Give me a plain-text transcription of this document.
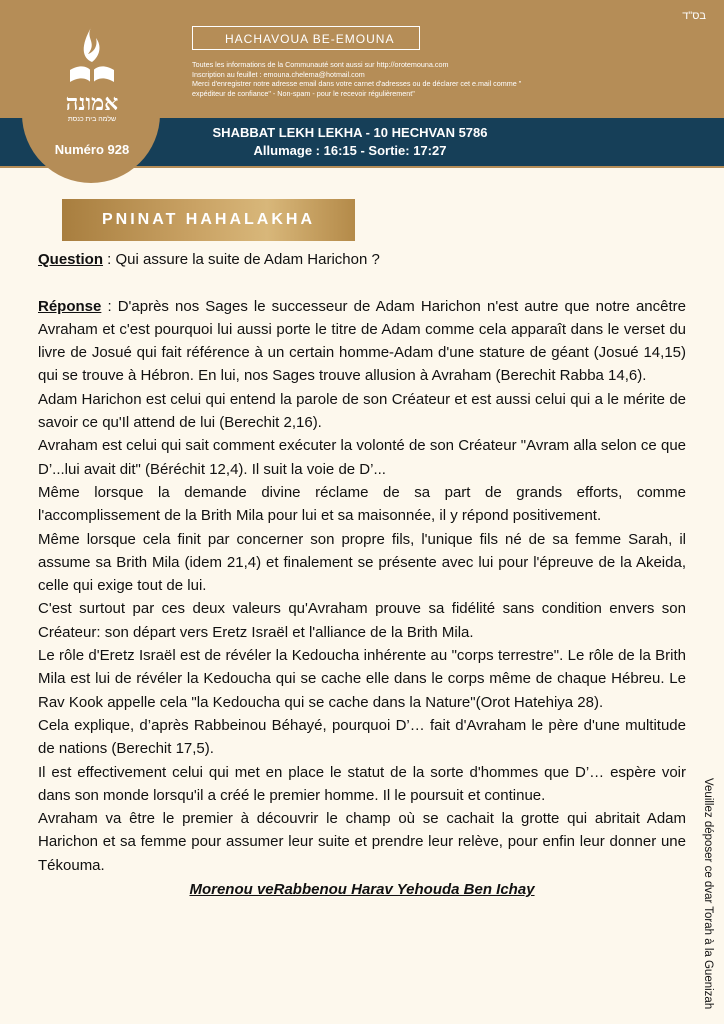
אמונה
שלמה בית כנסת
Numéro 928
בס"ד
HACHAVOUA BE-EMOUNA
Toutes les informations de la Communauté sont aussi sur http://orotemouna.com
Inscription au feuillet : emouna.chelema@hotmail.com
Merci d'enregistrer notre adresse email dans votre carnet d'adresses ou de déclarer cet e.mail comme "
expéditeur de confiance" - Non-spam - pour le recevoir régulièrement"
SHABBAT LEKH LEKHA - 10 HECHVAN 5786
Allumage : 16:15 - Sortie: 17:27
PNINAT HAHALAKHA

Question : Qui assure la suite de Adam Harichon ?

Réponse : D'après nos Sages le successeur de Adam Harichon n'est autre que notre ancêtre Avraham et c'est pourquoi lui aussi porte le titre de Adam comme cela apparaît dans le verset du livre de Josué qui fait référence à un certain homme-Adam d'une stature de géant (Josué 14,15) qui se trouve à Hébron. En lui, nos Sages trouve allusion à Avraham (Berechit Rabba 14,6).

Adam Harichon est celui qui entend la parole de son Créateur et est aussi celui qui a le mérite de savoir ce qu'Il attend de lui (Berechit 2,16).

Avraham est celui qui sait comment exécuter la volonté de son Créateur "Avram alla selon ce que D’...lui avait dit" (Béréchit 12,4). Il suit la voie de D’...

Même lorsque la demande divine réclame de sa part de grands efforts, comme l'accomplissement de la Brith Mila pour lui et sa maisonnée, il y répond positivement.

Même lorsque cela finit par concerner son propre fils, l'unique fils né de sa femme Sarah, il assume sa Brith Mila (idem 21,4) et finalement se présente avec lui pour l'épreuve de la Akeida, celle qui exige tout de lui.

C'est surtout par ces deux valeurs qu'Avraham prouve sa fidélité sans condition envers son Créateur: son départ vers Eretz Israël et l'alliance de la Brith Mila.

Le rôle d'Eretz Israël est de révéler la Kedoucha inhérente au "corps terrestre". Le rôle de la Brith Mila est lui de révéler la Kedoucha qui se cache elle dans le corps même de chaque Hébreu. Le Rav Kook appelle cela "la Kedoucha qui se cache dans la Nature"(Orot Hatehiya 28).

Cela explique, d’après Rabbeinou Béhayé, pourquoi D’… fait d'Avraham le père d'une multitude de nations (Berechit 17,5).

Il est effectivement celui qui met en place le statut de la sorte d'hommes que D’… espère voir dans son monde lorsqu'il a créé le premier homme. Il le poursuit et continue.

Avraham va être le premier à découvrir le champ où se cachait la grotte qui abritait Adam Harichon et sa femme pour assumer leur suite et prendre leur relève, pour enfin leur donner une Tékouma.

Morenou veRabbenou Harav Yehouda Ben Ichay	Veuillez déposer ce dvar Torah à la Guenizah
